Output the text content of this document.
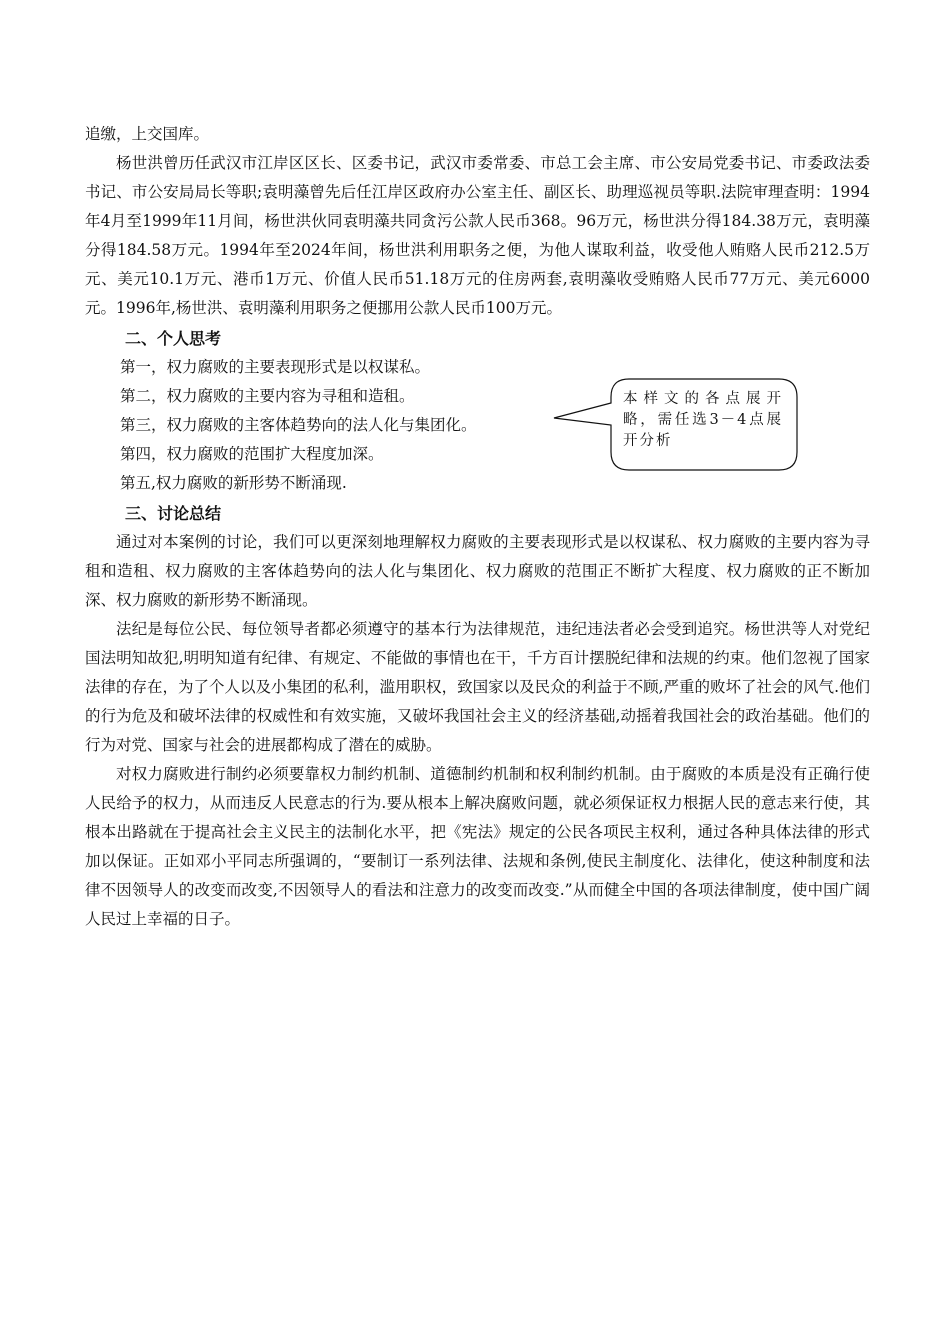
追缴，上交国库。

杨世洪曾历任武汉市江岸区区长、区委书记，武汉市委常委、市总工会主席、市公安局党委书记、市委政法委书记、市公安局局长等职;袁明藻曾先后任江岸区政府办公室主任、副区长、助理巡视员等职.法院审理查明：1994年4月至1999年11月间，杨世洪伙同袁明藻共同贪污公款人民币368。96万元，杨世洪分得184.38万元，袁明藻分得184.58万元。1994年至2024年间，杨世洪利用职务之便，为他人谋取利益，收受他人贿赂人民币212.5万元、美元10.1万元、港币1万元、价值人民币51.18万元的住房两套,袁明藻收受贿赂人民币77万元、美元6000元。1996年,杨世洪、袁明藻利用职务之便挪用公款人民币100万元。

二、个人思考

第一，权力腐败的主要表现形式是以权谋私。

第二，权力腐败的主要内容为寻租和造租。

第三，权力腐败的主客体趋势向的法人化与集团化。

第四，权力腐败的范围扩大程度加深。

第五,权力腐败的新形势不断涌现.

本样文的各点展开略，需任选3－4点展开分析
三、讨论总结

通过对本案例的讨论，我们可以更深刻地理解权力腐败的主要表现形式是以权谋私、权力腐败的主要内容为寻租和造租、权力腐败的主客体趋势向的法人化与集团化、权力腐败的范围正不断扩大程度、权力腐败的正不断加深、权力腐败的新形势不断涌现。

法纪是每位公民、每位领导者都必须遵守的基本行为法律规范，违纪违法者必会受到追究。杨世洪等人对党纪国法明知故犯,明明知道有纪律、有规定、不能做的事情也在干，千方百计摆脱纪律和法规的约束。他们忽视了国家法律的存在，为了个人以及小集团的私利，滥用职权，致国家以及民众的利益于不顾,严重的败坏了社会的风气.他们的行为危及和破坏法律的权威性和有效实施，又破坏我国社会主义的经济基础,动摇着我国社会的政治基础。他们的行为对党、国家与社会的进展都构成了潜在的威胁。

对权力腐败进行制约必须要靠权力制约机制、道德制约机制和权利制约机制。由于腐败的本质是没有正确行使人民给予的权力，从而违反人民意志的行为.要从根本上解决腐败问题，就必须保证权力根据人民的意志来行使，其根本出路就在于提高社会主义民主的法制化水平，把《宪法》规定的公民各项民主权利，通过各种具体法律的形式加以保证。正如邓小平同志所强调的，“要制订一系列法律、法规和条例,使民主制度化、法律化，使这种制度和法律不因领导人的改变而改变,不因领导人的看法和注意力的改变而改变.”从而健全中国的各项法律制度，使中国广阔人民过上幸福的日子。
